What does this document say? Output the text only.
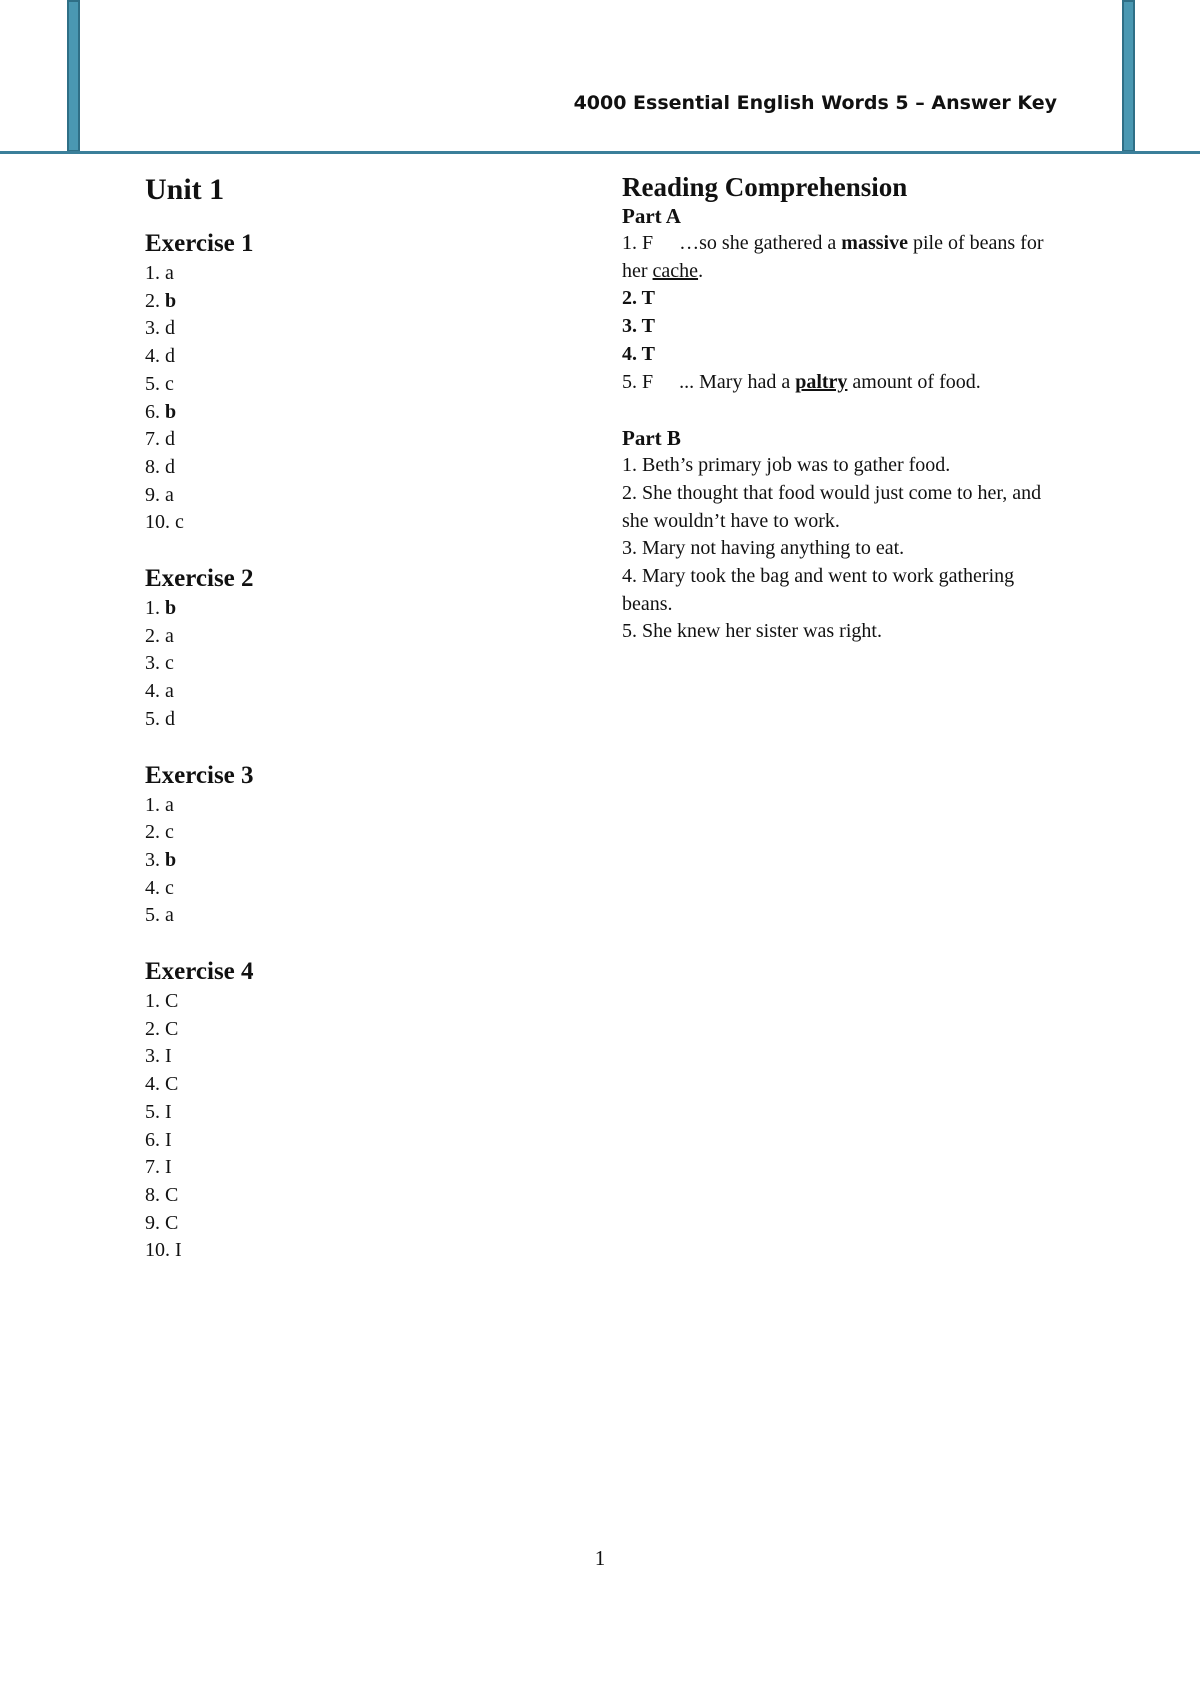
4000 Essential English Words 5 – Answer Key
Unit 1
Exercise 1
1. a
2. b
3. d
4. d
5. c
6. b
7. d
8. d
9. a
10. c
Exercise 2
1. b
2. a
3. c
4. a
5. d
Exercise 3
1. a
2. c
3. b
4. c
5. a
Exercise 4
1. C
2. C
3. I
4. C
5. I
6. I
7. I
8. C
9. C
10. I
Reading Comprehension
Part A
1. F …so she gathered a massive pile of beans for her cache.
2. T
3. T
4. T
5. F ... Mary had a paltry amount of food.
Part B
1. Beth’s primary job was to gather food.
2. She thought that food would just come to her, and she wouldn’t have to work.
3. Mary not having anything to eat.
4. Mary took the bag and went to work gathering beans.
5. She knew her sister was right.
1
